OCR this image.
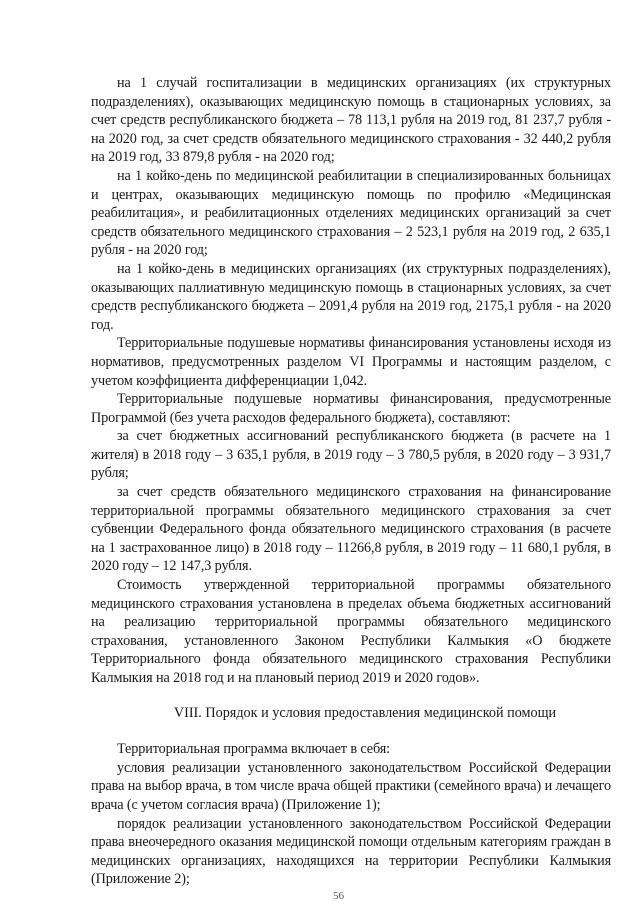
на 1 случай госпитализации в медицинских организациях (их структурных подразделениях), оказывающих медицинскую помощь в стационарных условиях, за счет средств республиканского бюджета – 78 113,1 рубля на 2019 год, 81 237,7 рубля - на 2020 год, за счет средств обязательного медицинского страхования - 32 440,2 рубля на 2019 год, 33 879,8 рубля - на 2020 год;

на 1 койко-день по медицинской реабилитации в специализированных больницах и центрах, оказывающих медицинскую помощь по профилю «Медицинская реабилитация», и реабилитационных отделениях медицинских организаций за счет средств обязательного медицинского страхования – 2 523,1 рубля на 2019 год, 2 635,1 рубля - на 2020 год;

на 1 койко-день в медицинских организациях (их структурных подразделениях), оказывающих паллиативную медицинскую помощь в стационарных условиях, за счет средств республиканского бюджета – 2091,4 рубля на 2019 год, 2175,1 рубля - на 2020 год.

Территориальные подушевые нормативы финансирования установлены исходя из нормативов, предусмотренных разделом VI Программы и настоящим разделом, с учетом коэффициента дифференциации 1,042.

Территориальные подушевые нормативы финансирования, предусмотренные Программой (без учета расходов федерального бюджета), составляют:

за счет бюджетных ассигнований республиканского бюджета (в расчете на 1 жителя) в 2018 году – 3 635,1 рубля, в 2019 году – 3 780,5 рубля, в 2020 году – 3 931,7 рубля;

за счет средств обязательного медицинского страхования на финансирование территориальной программы обязательного медицинского страхования за счет субвенции Федерального фонда обязательного медицинского страхования (в расчете на 1 застрахованное лицо) в 2018 году – 11266,8 рубля, в 2019 году – 11 680,1 рубля, в 2020 году – 12 147,3 рубля.

Стоимость утвержденной территориальной программы обязательного медицинского страхования установлена в пределах объема бюджетных ассигнований на реализацию территориальной программы обязательного медицинского страхования, установленного Законом Республики Калмыкия «О бюджете Территориального фонда обязательного медицинского страхования Республики Калмыкия на 2018 год и на плановый период 2019 и 2020 годов».

VIII. Порядок и условия предоставления медицинской помощи

Территориальная программа включает в себя:

условия реализации установленного законодательством Российской Федерации права на выбор врача, в том числе врача общей практики (семейного врача) и лечащего врача (с учетом согласия врача) (Приложение 1);

порядок реализации установленного законодательством Российской Федерации права внеочередного оказания медицинской помощи отдельным категориям граждан в медицинских организациях, находящихся на территории Республики Калмыкия (Приложение 2);

56
